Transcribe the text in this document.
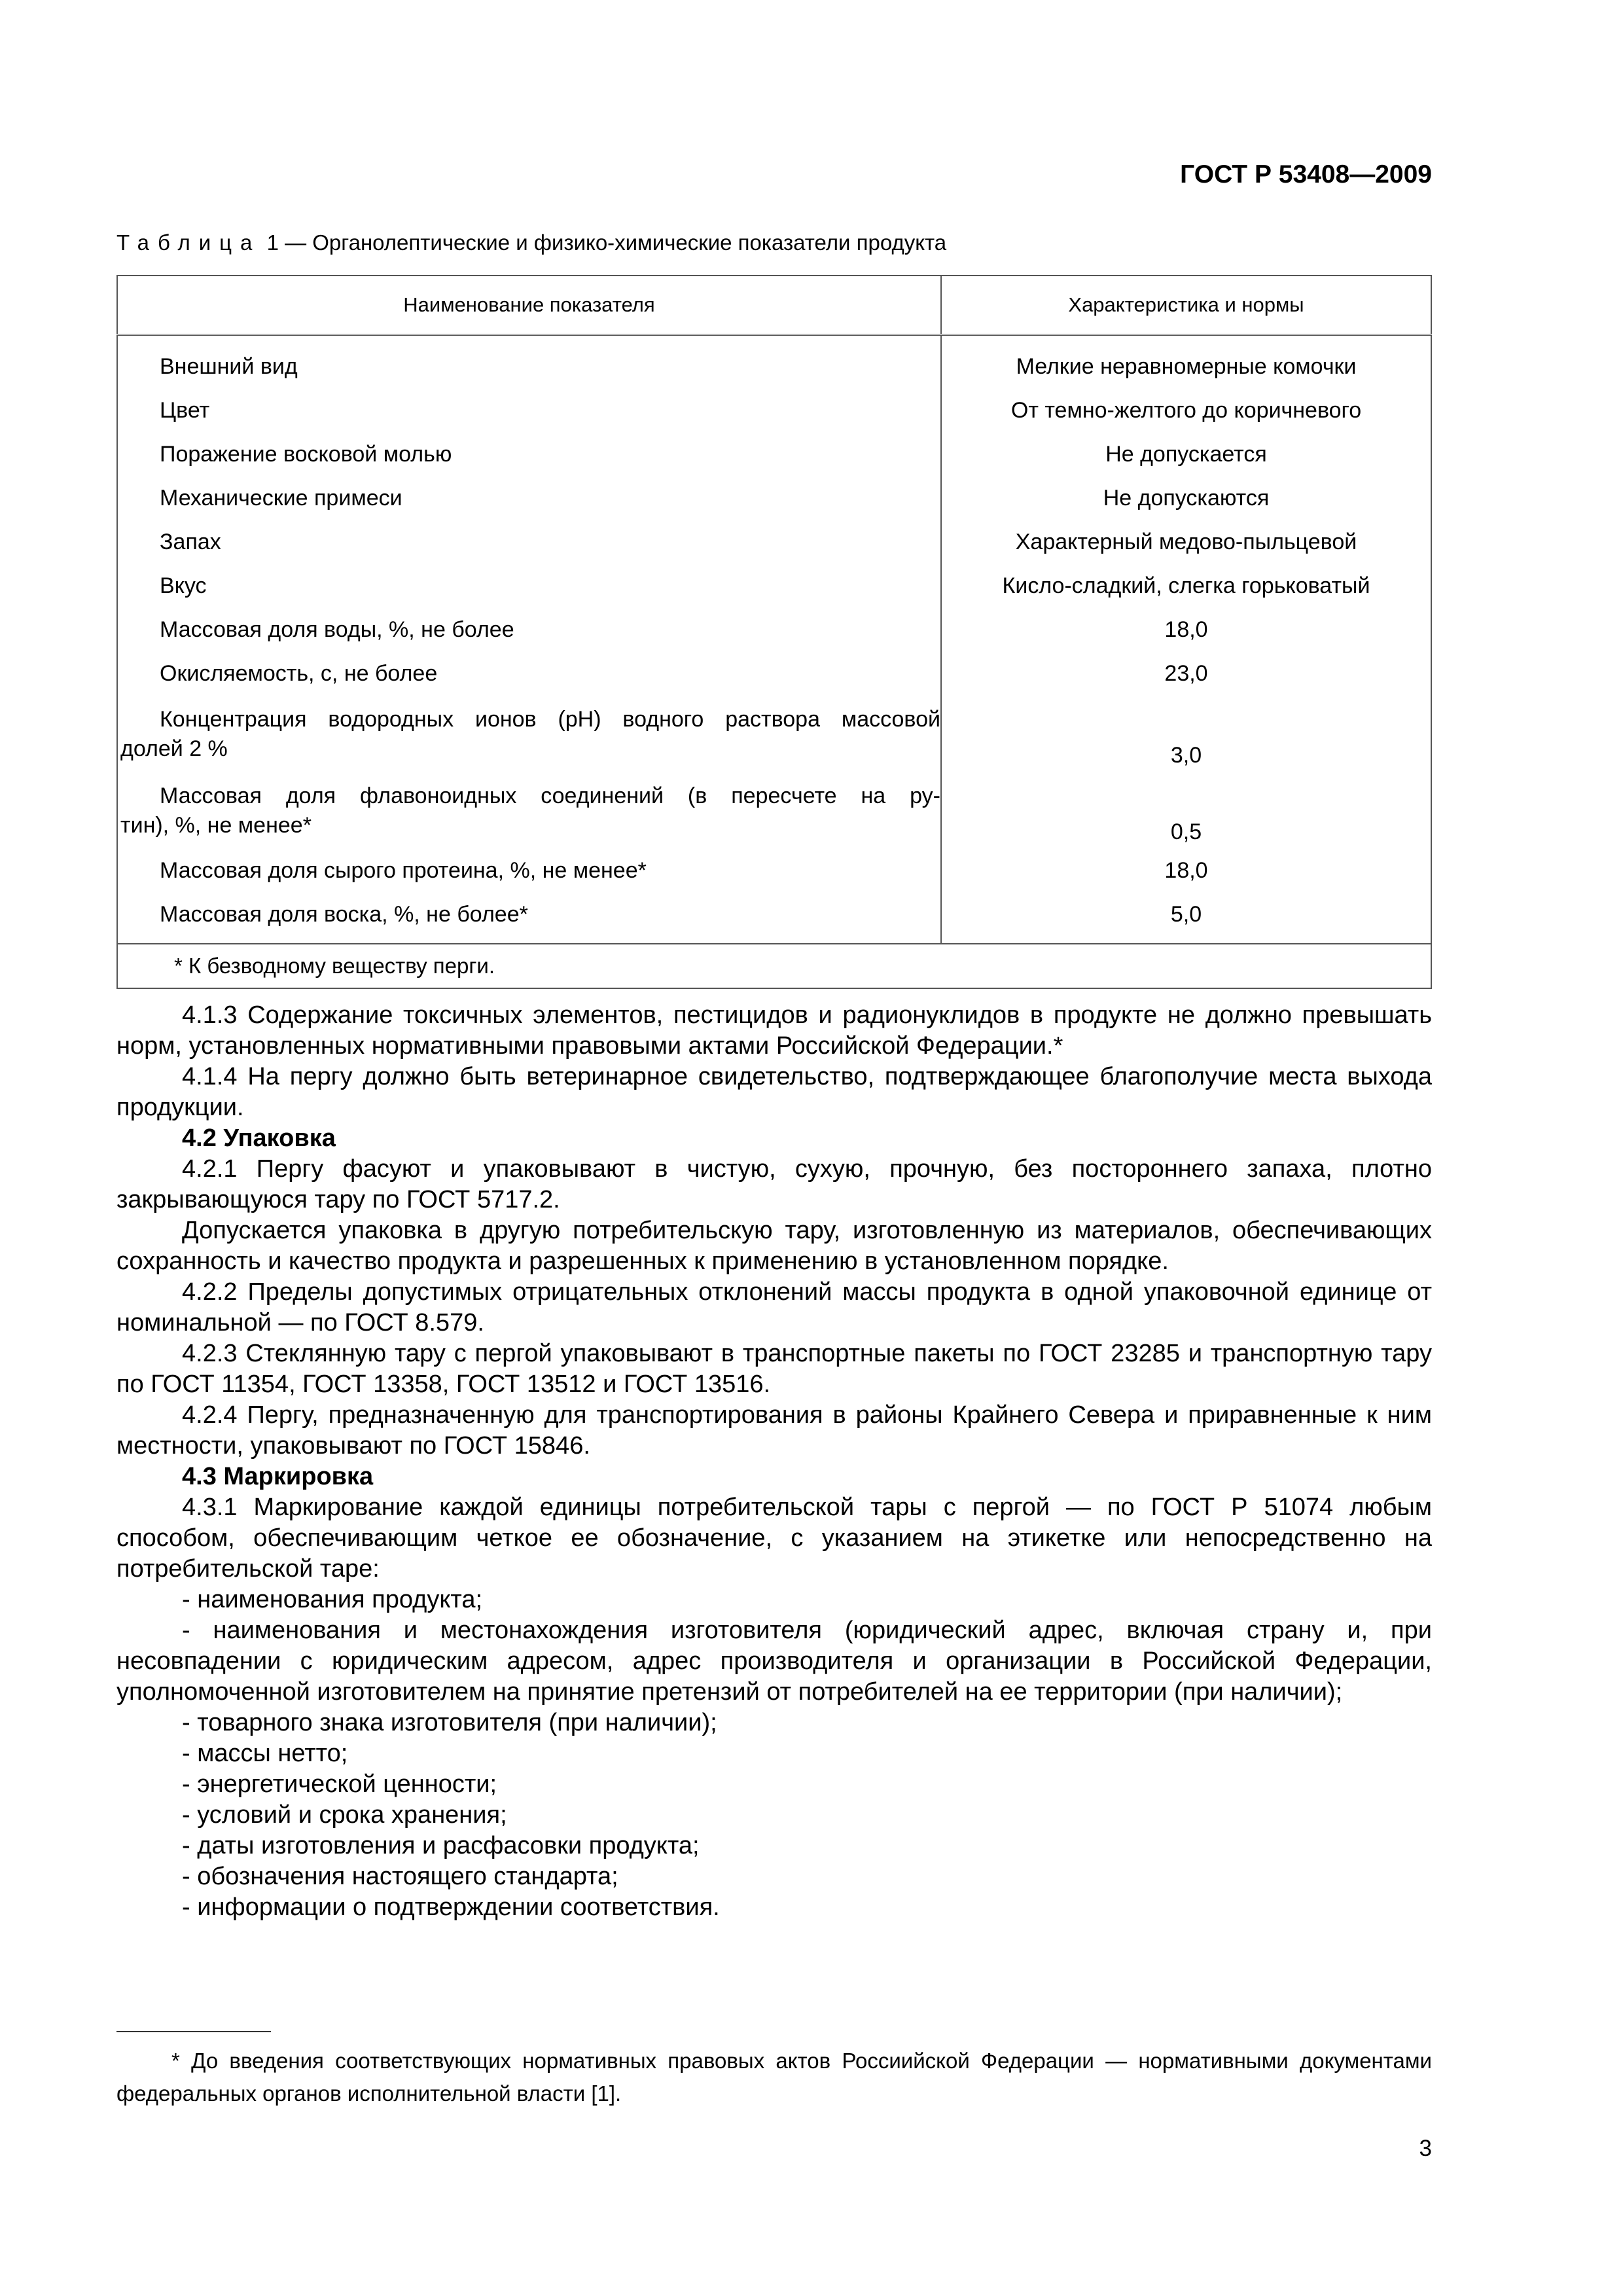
ГОСТ Р 53408—2009
Таблица 1 — Органолептические и физико-химические показатели продукта
Наименование показателя	Характеристика и нормы
Внешний вид	Мелкие неравномерные комочки
Цвет	От темно-желтого до коричневого
Поражение восковой молью	Не допускается
Механические примеси	Не допускаются
Запах	Характерный медово-пыльцевой
Вкус	Кисло-сладкий, слегка горьковатый
Массовая доля воды, %, не более	18,0
Окисляемость, с, не более	23,0

Концентрация водородных ионов (pH) водного раствора массовой
долей 2 %	3,0

Массовая доля флавоноидных соединений (в пересчете на ру-
тин), %, не менее*	0,5
Массовая доля сырого протеина, %, не менее*	18,0
Массовая доля воска, %, не более*	5,0
* К безводному веществу перги.	

4.1.3 Содержание токсичных элементов, пестицидов и радионуклидов в продукте не должно превышать норм, установленных нормативными правовыми актами Российской Федерации.*

4.1.4 На пергу должно быть ветеринарное свидетельство, подтверждающее благополучие места выхода продукции.

4.2 Упаковка

4.2.1 Пергу фасуют и упаковывают в чистую, сухую, прочную, без постороннего запаха, плотно закрывающуюся тару по ГОСТ 5717.2.

Допускается упаковка в другую потребительскую тару, изготовленную из материалов, обеспечивающих сохранность и качество продукта и разрешенных к применению в установленном порядке.

4.2.2 Пределы допустимых отрицательных отклонений массы продукта в одной упаковочной единице от номинальной — по ГОСТ 8.579.

4.2.3 Стеклянную тару с пергой упаковывают в транспортные пакеты по ГОСТ 23285 и транспортную тару по ГОСТ 11354, ГОСТ 13358, ГОСТ 13512 и ГОСТ 13516.

4.2.4 Пергу, предназначенную для транспортирования в районы Крайнего Севера и приравненные к ним местности, упаковывают по ГОСТ 15846.

4.3 Маркировка

4.3.1 Маркирование каждой единицы потребительской тары с пергой — по ГОСТ Р 51074 любым способом, обеспечивающим четкое ее обозначение, с указанием на этикетке или непосредственно на потребительской таре:

- наименования продукта;

- наименования и местонахождения изготовителя (юридический адрес, включая страну и, при несовпадении с юридическим адресом, адрес производителя и организации в Российской Федерации, уполномоченной изготовителем на принятие претензий от потребителей на ее территории (при наличии);

- товарного знака изготовителя (при наличии);

- массы нетто;

- энергетической ценности;

- условий и срока хранения;

- даты изготовления и расфасовки продукта;

- обозначения настоящего стандарта;

- информации о подтверждении соответствия.

* До введения соответствующих нормативных правовых актов Россиийской Федерации — нормативными документами федеральных органов исполнительной власти [1].

3
